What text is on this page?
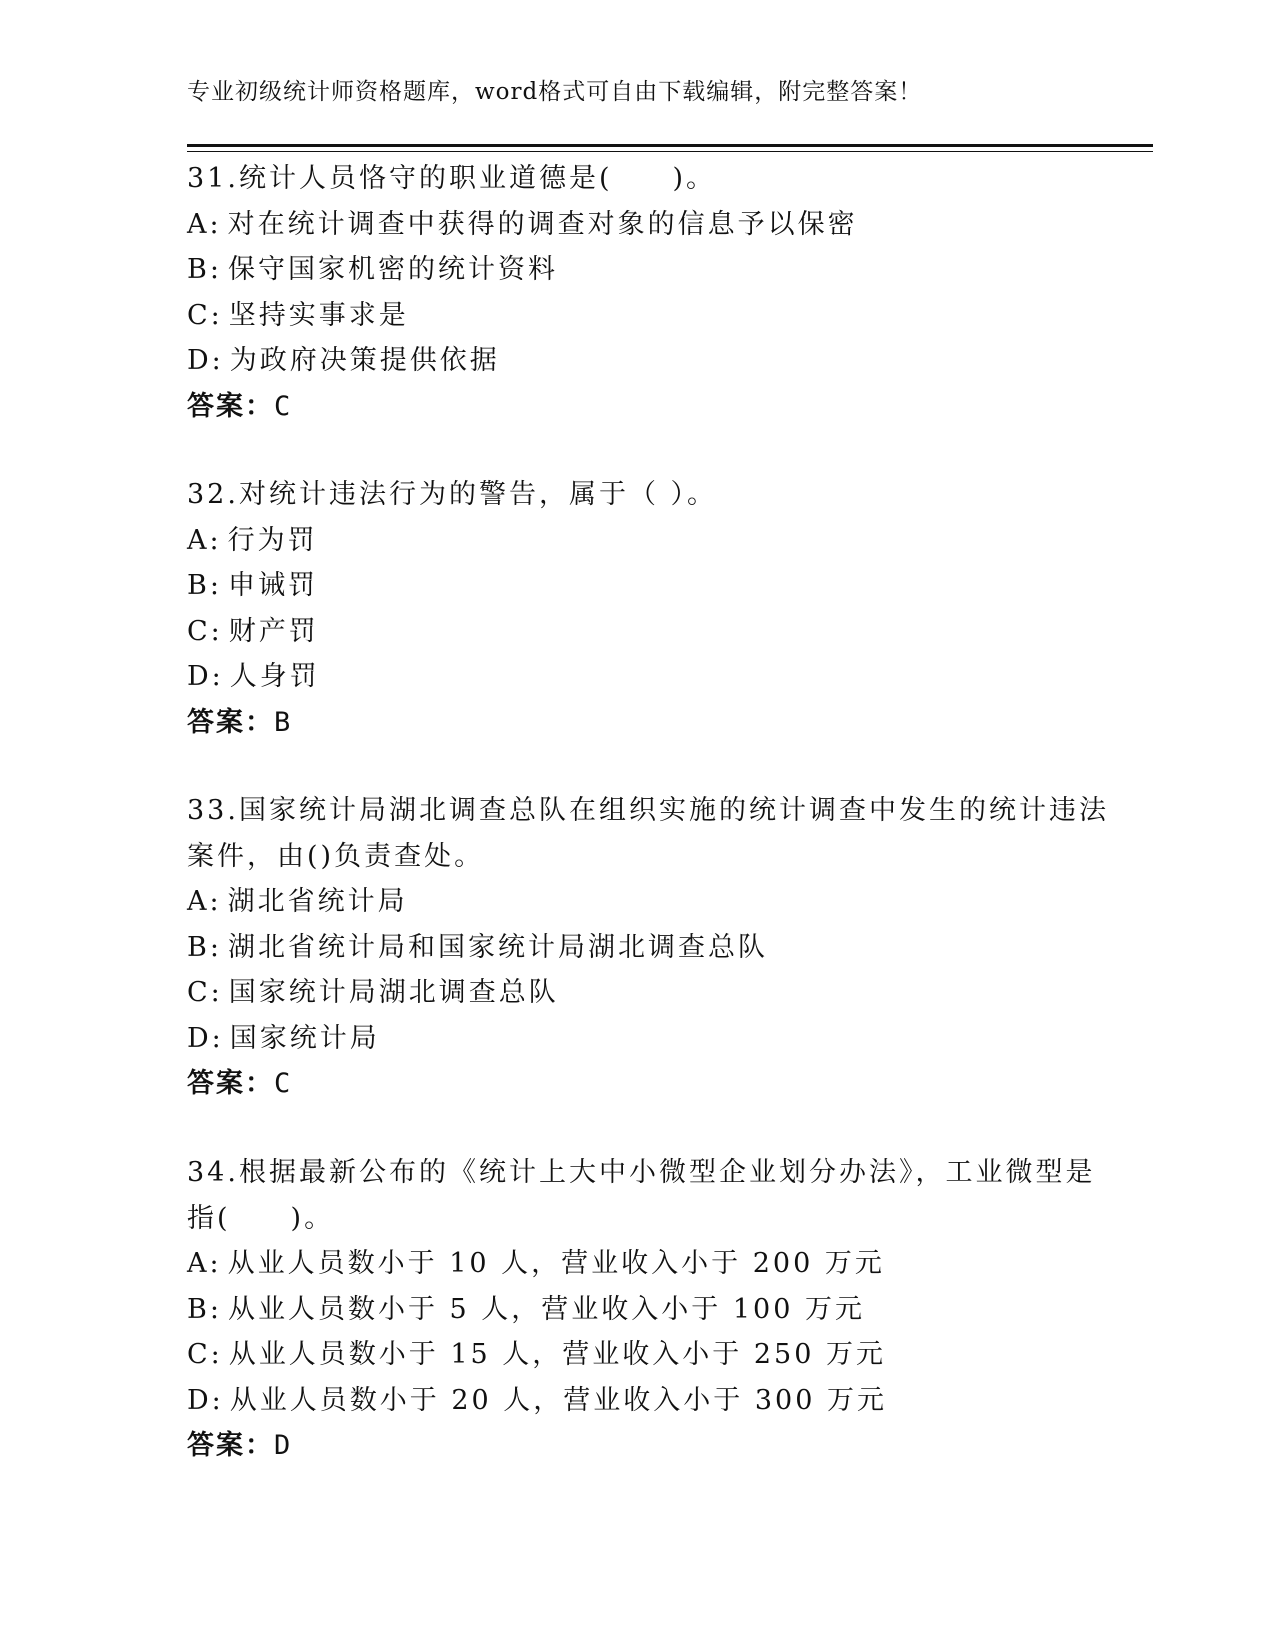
专业初级统计师资格题库，word格式可自由下载编辑，附完整答案！
31.统计人员恪守的职业道德是(　　)。
A: 对在统计调查中获得的调查对象的信息予以保密
B: 保守国家机密的统计资料
C: 坚持实事求是
D: 为政府决策提供依据
答案：C
32.对统计违法行为的警告，属于（ ）。
A: 行为罚
B: 申诫罚
C: 财产罚
D: 人身罚
答案：B
33.国家统计局湖北调查总队在组织实施的统计调查中发生的统计违法
案件，由()负责查处。
A: 湖北省统计局
B: 湖北省统计局和国家统计局湖北调查总队
C: 国家统计局湖北调查总队
D: 国家统计局
答案：C
34.根据最新公布的《统计上大中小微型企业划分办法》，工业微型是
指(　　)。
A: 从业人员数小于 10 人，营业收入小于 200 万元
B: 从业人员数小于 5 人，营业收入小于 100 万元
C: 从业人员数小于 15 人，营业收入小于 250 万元
D: 从业人员数小于 20 人，营业收入小于 300 万元
答案：D
